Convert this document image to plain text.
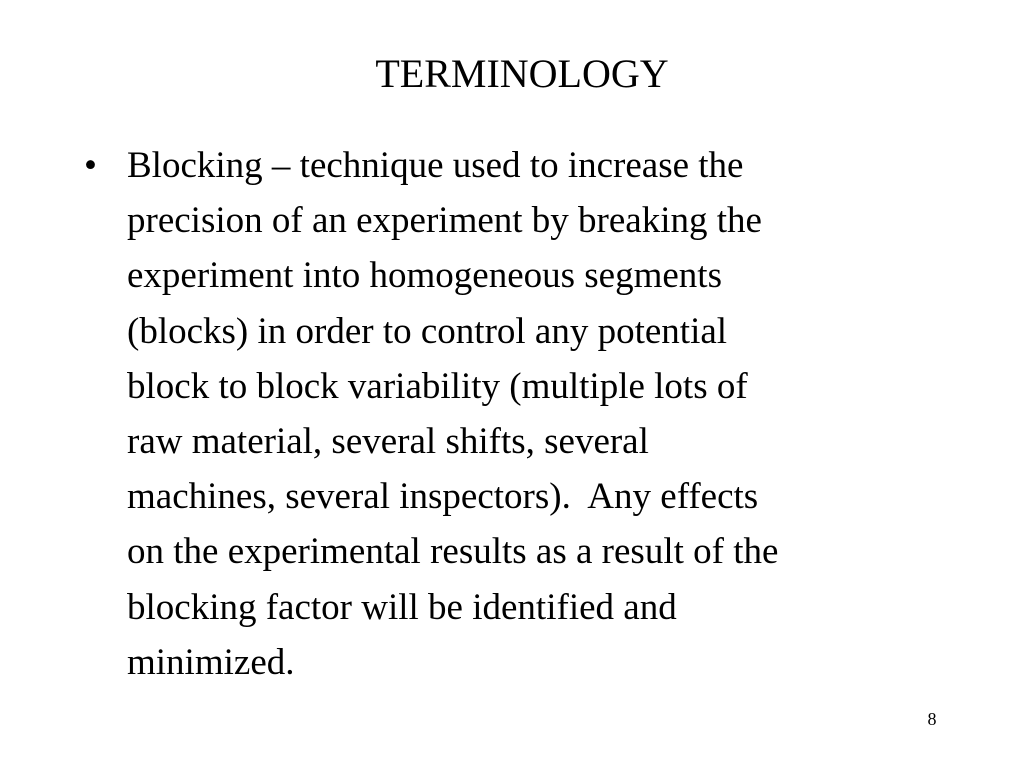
TERMINOLOGY
• Blocking – technique used to increase the
precision of an experiment by breaking the
experiment into homogeneous segments
(blocks) in order to control any potential
block to block variability (multiple lots of
raw material, several shifts, several
machines, several inspectors).  Any effects
on the experimental results as a result of the
blocking factor will be identified and
minimized.
8
